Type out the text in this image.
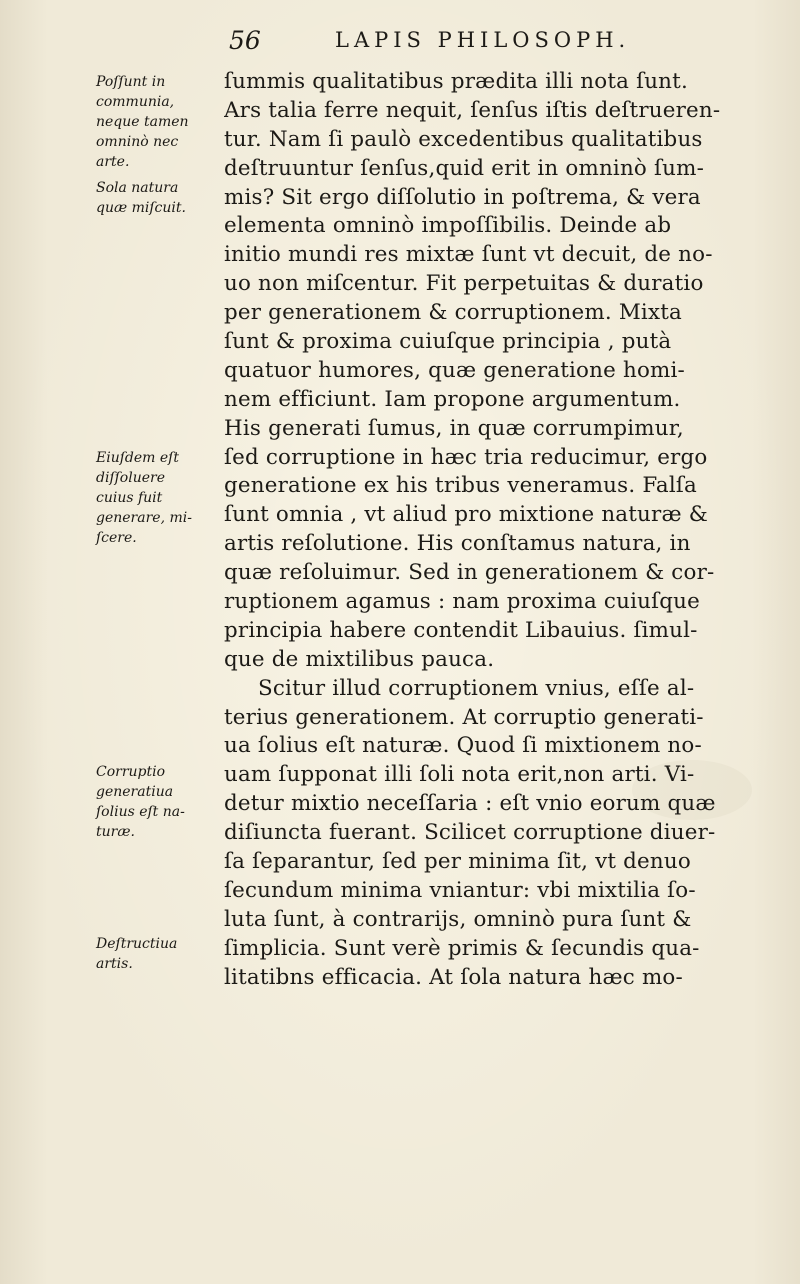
56	LAPIS PHILOSOPH.
ſummis qualitatibus prædita illi nota ſunt.
Ars talia ferre nequit, ſenſus iſtis deſtrueren-
tur. Nam ſi paulò excedentibus qualitatibus
deſtruuntur ſenſus,quid erit in omninò ſum-
mis? Sit ergo diſſolutio in poſtrema, & vera
elementa omninò impoſſibilis. Deinde ab
initio mundi res mixtæ ſunt vt decuit, de no-
uo non miſcentur. Fit perpetuitas & duratio
per generationem & corruptionem. Mixta
ſunt & proxima cuiuſque principia , putà
quatuor humores, quæ generatione homi-
nem efficiunt. Iam propone argumentum.
His generati ſumus, in quæ corrumpimur,
ſed corruptione in hæc tria reducimur, ergo
generatione ex his tribus veneramus. Falſa
ſunt omnia , vt aliud pro mixtione naturæ &
artis reſolutione. His conſtamus natura, in
quæ reſoluimur. Sed in generationem & cor-
ruptionem agamus : nam proxima cuiuſque
principia habere contendit Libauius. ſimul-
que de mixtilibus pauca.
Scitur illud corruptionem vnius, eſſe al-
terius generationem. At corruptio generati-
ua ſolius eſt naturæ. Quod ſi mixtionem no-
uam ſupponat illi ſoli nota erit,non arti. Vi-
detur mixtio neceſſaria : eſt vnio eorum quæ
diſiuncta fuerant. Scilicet corruptione diuer-
ſa ſeparantur, ſed per minima ſit, vt denuo
ſecundum minima vniantur: vbi mixtilia ſo-
luta ſunt, à contrarijs, omninò pura ſunt &
ſimplicia. Sunt verè primis & ſecundis qua-
litatibns efficacia. At ſola natura hæc mo-
Poſſunt in
communia,
neque tamen
omninò nec
arte.
Sola natura
quæ miſcuit.
Eiuſdem eſt
diſſoluere
cuius fuit
generare, mi-
ſcere.
Corruptio
generatiua
ſolius eſt na-
turæ.
Deſtructiua
artis.
